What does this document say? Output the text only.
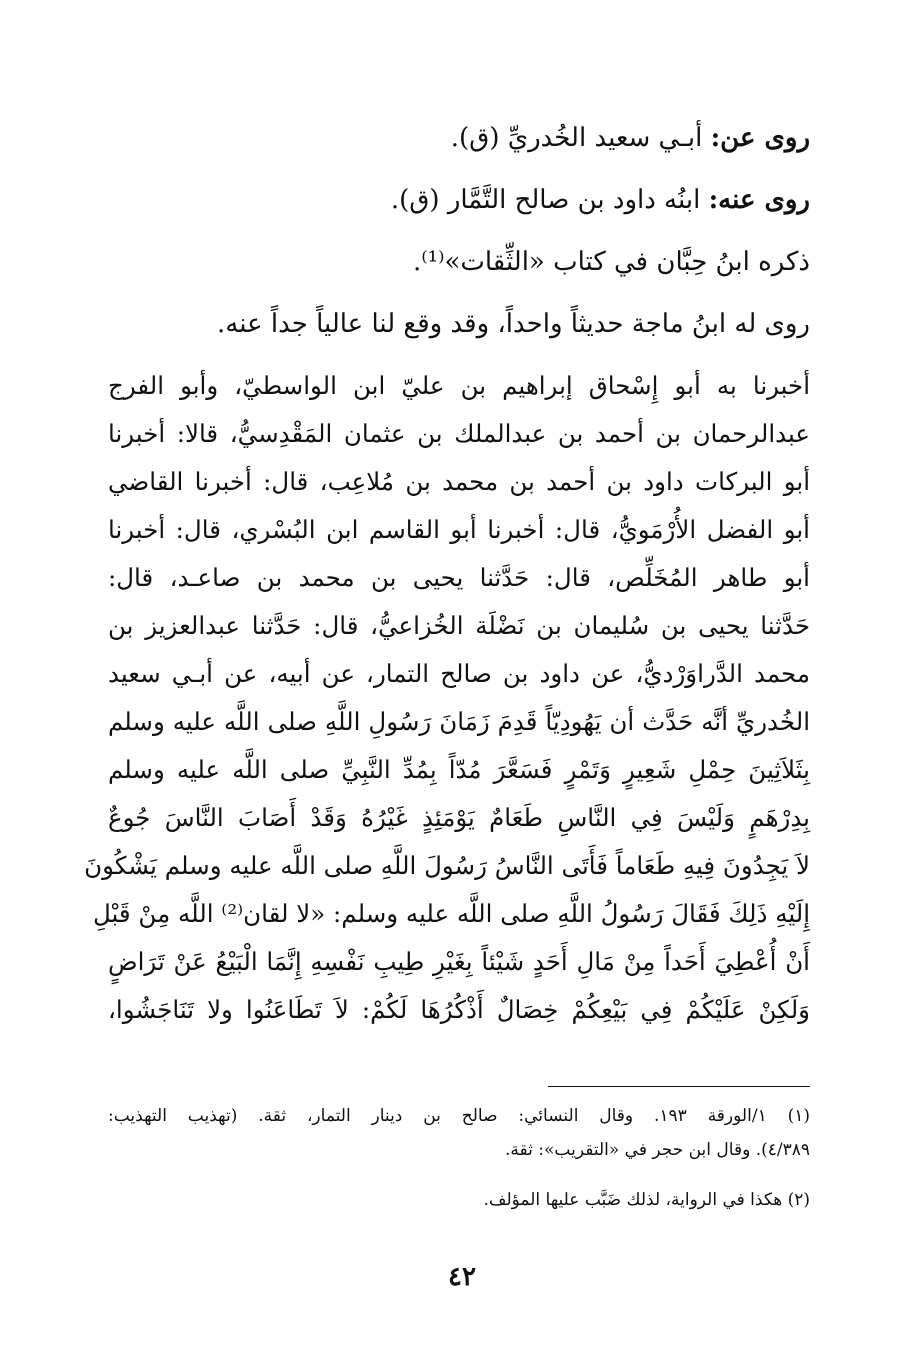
روى عن: أبـي سعيد الخُدريِّ (ق).
روى عنه: ابنُه داود بن صالح التَّمَّار (ق).
ذكره ابنُ حِبَّان في كتاب «الثِّقات»⁽¹⁾.
روى له ابنُ ماجة حديثاً واحداً، وقد وقع لنا عالياً جداً عنه.
أخبرنا به أبو إِسْحاق إبراهيم بن عليّ ابن الواسطيّ، وأبو الفرج
عبدالرحمان بن أحمد بن عبدالملك بن عثمان المَقْدِسيُّ، قالا: أخبرنا
أبو البركات داود بن أحمد بن محمد بن مُلاعِب، قال: أخبرنا القاضي
أبو الفضل الأُرْمَويُّ، قال: أخبرنا أبو القاسم ابن البُسْري، قال: أخبرنا
أبو طاهر المُخَلِّص، قال: حَدَّثنا يحيى بن محمد بن صاعـد، قال:
حَدَّثنا يحيى بن سُليمان بن نَضْلَة الخُزاعيُّ، قال: حَدَّثنا عبدالعزيز بن
محمد الدَّراوَرْديُّ، عن داود بن صالح التمار، عن أبيه، عن أبـي سعيد
الخُدريِّ أنَّه حَدَّث أن يَهُودِيّاً قَدِمَ زَمَانَ رَسُولِ اللَّهِ صلى اللَّه عليه وسلم
بِثَلاَثِينَ حِمْلِ شَعِيرٍ وَتَمْرٍ فَسَعَّرَ مُدّاً بِمُدِّ النَّبِيِّ صلى اللَّه عليه وسلم
بِدِرْهَمٍ وَلَيْسَ فِي النَّاسِ طَعَامٌ يَوْمَئِذٍ غَيْرُهُ وَقَدْ أَصَابَ النَّاسَ جُوعٌ
لاَ يَجِدُونَ فِيهِ طَعَاماً فَأَتَى النَّاسُ رَسُولَ اللَّهِ صلى اللَّه عليه وسلم يَشْكُونَ
إِلَيْهِ ذَلِكَ فَقَالَ رَسُولُ اللَّهِ صلى اللَّه عليه وسلم: «لا لقان⁽²⁾ اللَّه مِنْ قَبْلِ
أَنْ أُعْطِيَ أَحَداً مِنْ مَالِ أَحَدٍ شَيْئاً بِغَيْرِ طِيبِ نَفْسِهِ إِنَّمَا الْبَيْعُ عَنْ تَرَاضٍ
وَلَكِنْ عَلَيْكُمْ فِي بَيْعِكُمْ خِصَالٌ أَذْكُرُهَا لَكُمْ: لاَ تَطَاعَنُوا ولا تَنَاجَشُوا،
(١) ١/الورقة ١٩٣. وقال النسائي: صالح بن دينار التمار، ثقة. (تهذيب التهذيب:
٤/٣٨٩). وقال ابن حجر في «التقريب»: ثقة.
(٢) هكذا في الرواية، لذلك ضَبَّب عليها المؤلف.
٤٢
